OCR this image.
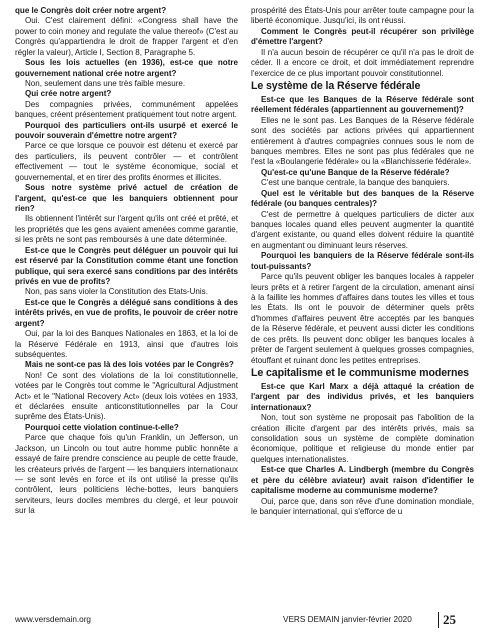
que le Congrès doit créer notre argent?

Oui. C'est clairement défini: «Congress shall have the power to coin money and regulate the value thereof» (C'est au Congrès qu'appartiendra le droit de frapper l'argent et d'en régler la valeur), Article I, Section 8, Paragraphe 5.

Sous les lois actuelles (en 1936), est-ce que notre gouvernement national crée notre argent?

Non, seulement dans une très faible mesure.

Qui crée notre argent?

Des compagnies privées, communément appelées banques, créent présentement pratiquement tout notre argent.

Pourquoi des particuliers ont-ils usurpé et exercé le pouvoir souverain d'émettre notre argent?

Parce ce que lorsque ce pouvoir est détenu et exercé par des particuliers, ils peuvent contrôler — et contrôlent effectivement — tout le système économique, social et gouvernemental, et en tirer des profits énormes et illicites.

Sous notre système privé actuel de création de l'argent, qu'est-ce que les banquiers obtiennent pour rien?

Ils obtiennent l'intérêt sur l'argent qu'ils ont créé et prêté, et les propriétés que les gens avaient amenées comme garantie, si les prêts ne sont pas remboursés à une date déterminée.

Est-ce que le Congrès peut déléguer un pouvoir qui lui est réservé par la Constitution comme étant une fonction publique, qui sera exercé sans conditions par des intérêts privés en vue de profits?

Non, pas sans violer la Constitution des Etats-Unis.

Est-ce que le Congrès a délégué sans conditions à des intérêts privés, en vue de profits, le pouvoir de créer notre argent?

Oui, par la loi des Banques Nationales en 1863, et la loi de la Réserve Fédérale en 1913, ainsi que d'autres lois subséquentes.

Mais ne sont-ce pas là des lois votées par le Congrès?

Non! Ce sont des violations de la loi constitutionnelle, votées par le Congrès tout comme le "Agricultural Adjustment Act» et le "National Recovery Act» (deux lois votées en 1933, et déclarées ensuite anticonstitutionnelles par la Cour suprême des États-Unis).

Pourquoi cette violation continue-t-elle?

Parce que chaque fois qu'un Franklin, un Jefferson, un Jackson, un Lincoln ou tout autre homme public honnête a essayé de faire prendre conscience au peuple de cette fraude, les créateurs privés de l'argent — les banquiers internationaux — se sont levés en force et ils ont utilisé la presse qu'ils contrôlent, leurs politiciens lèche-bottes, leurs banquiers serviteurs, leurs dociles membres du clergé, et leur pouvoir sur la

prospérité des États-Unis pour arrêter toute campagne pour la liberté économique. Jusqu'ici, ils ont réussi.

Comment le Congrès peut-il récupérer son privilège d'émettre l'argent?

Il n'a aucun besoin de récupérer ce qu'il n'a pas le droit de céder. Il a encore ce droit, et doit immédiatement reprendre l'exercice de ce plus important pouvoir constitutionnel.

Le système de la Réserve fédérale

Est-ce que les Banques de la Réserve fédérale sont réellement fédérales (appartiennent au gouvernement)?

Elles ne le sont pas. Les Banques de la Réserve fédérale sont des sociétés par actions privées qui appartiennent entièrement à d'autres compagnies connues sous le nom de banques membres. Elles ne sont pas plus fédérales que ne l'est la «Boulangerie fédérale» ou la «Blanchisserie fédérale».

Qu'est-ce qu'une Banque de la Réserve fédérale?

C'est une banque centrale, la banque des banquiers.

Quel est le véritable but des banques de la Réserve fédérale (ou banques centrales)?

C'est de permettre à quelques particuliers de dicter aux banques locales quand elles peuvent augmenter la quantité d'argent existante, ou quand elles doivent réduire la quantité en augmentant ou diminuant leurs réserves.

Pourquoi les banquiers de la Réserve fédérale sont-ils tout-puissants?

Parce qu'ils peuvent obliger les banques locales à rappeler leurs prêts et à retirer l'argent de la circulation, amenant ainsi à la faillite les hommes d'affaires dans toutes les villes et tous les États. Ils ont le pouvoir de déterminer quels prêts d'hommes d'affaires peuvent être acceptés par les banques de la Réserve fédérale, et peuvent aussi dicter les conditions de ces prêts. Ils peuvent donc obliger les banques locales à prêter de l'argent seulement à quelques grosses compagnies, étouffant et ruinant donc les petites entreprises.

Le capitalisme et le communisme modernes

Est-ce que Karl Marx a déjà attaqué la création de l'argent par des individus privés, et les banquiers internationaux?

Non, tout son système ne proposait pas l'abolition de la création illicite d'argent par des intérêts privés, mais sa consolidation sous un système de complète domination économique, politique et religieuse du monde entier par quelques internationalistes.

Est-ce que Charles A. Lindbergh (membre du Congrès et père du célèbre aviateur) avait raison d'identifier le capitalisme moderne au communisme moderne?

Oui, parce que, dans son rêve d'une domination mondiale, le banquier international, qui s'efforce de u

www.versdemain.org	VERS DEMAIN janvier-février 2020 25
